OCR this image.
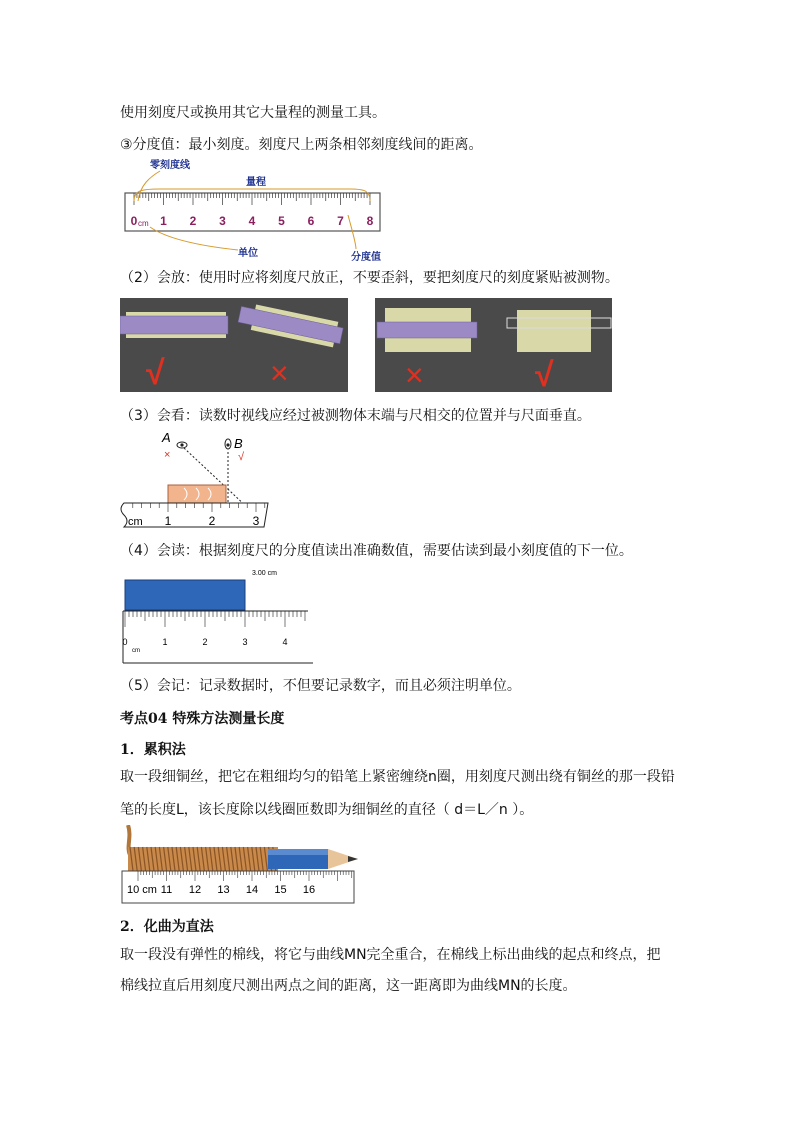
使用刻度尺或换用其它大量程的测量工具。

③分度值：最小刻度。刻度尺上两条相邻刻度线间的距离。

零刻度线
量程
单位	分度值
0 1 2 3 4 5 6 7 8
cm

（2）会放：使用时应将刻度尺放正，不要歪斜，要把刻度尺的刻度紧贴被测物。

√	×	×	√

（3）会看：读数时视线应经过被测物体末端与尺相交的位置并与尺面垂直。

A	B
×	√
cm 1	2	3

（4）会读：根据刻度尺的分度值读出准确数值，需要估读到最小刻度值的下一位。

3.00 cm
0	1	2	3	4
cm

（5）会记：记录数据时，不但要记录数字，而且必须注明单位。

考点04 特殊方法测量长度

1．累积法

取一段细铜丝，把它在粗细均匀的铅笔上紧密缠绕n圈，用刻度尺测出绕有铜丝的那一段铅

笔的长度L，该长度除以线圈匝数即为细铜丝的直径（ d＝L／n ）。

10 cm 11 12 13 14 15 16

2．化曲为直法

取一段没有弹性的棉线，将它与曲线MN完全重合，在棉线上标出曲线的起点和终点，把

棉线拉直后用刻度尺测出两点之间的距离，这一距离即为曲线MN的长度。
